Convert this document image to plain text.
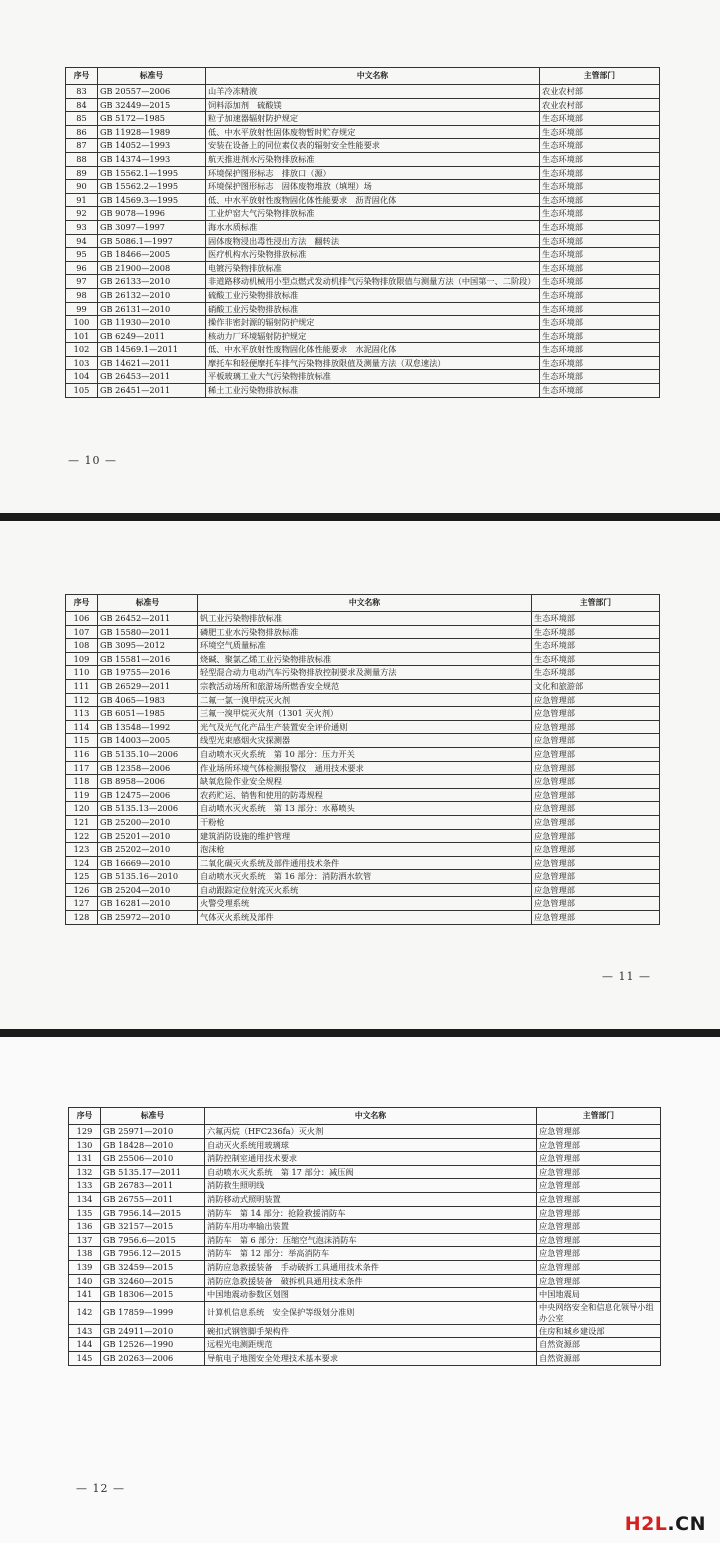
序号	标准号	中文名称	主管部门
83	GB 20557—2006	山羊冷冻精液	农业农村部
84	GB 32449—2015	饲料添加剂　硫酸镁	农业农村部
85	GB 5172—1985	粒子加速器辐射防护规定	生态环境部
86	GB 11928—1989	低、中水平放射性固体废物暂时贮存规定	生态环境部
87	GB 14052—1993	安装在设备上的同位素仪表的辐射安全性能要求	生态环境部
88	GB 14374—1993	航天推进剂水污染物排放标准	生态环境部
89	GB 15562.1—1995	环境保护图形标志　排放口（源）	生态环境部
90	GB 15562.2—1995	环境保护图形标志　固体废物堆放（填埋）场	生态环境部
91	GB 14569.3—1995	低、中水平放射性废物固化体性能要求　沥青固化体	生态环境部
92	GB 9078—1996	工业炉窑大气污染物排放标准	生态环境部
93	GB 3097—1997	海水水质标准	生态环境部
94	GB 5086.1—1997	固体废物浸出毒性浸出方法　翻转法	生态环境部
95	GB 18466—2005	医疗机构水污染物排放标准	生态环境部
96	GB 21900—2008	电镀污染物排放标准	生态环境部
97	GB 26133—2010	非道路移动机械用小型点燃式发动机排气污染物排放限值与测量方法（中国第一、二阶段）	生态环境部
98	GB 26132—2010	硫酸工业污染物排放标准	生态环境部
99	GB 26131—2010	硝酸工业污染物排放标准	生态环境部
100	GB 11930—2010	操作非密封源的辐射防护规定	生态环境部
101	GB 6249—2011	核动力厂环境辐射防护规定	生态环境部
102	GB 14569.1—2011	低、中水平放射性废物固化体性能要求　水泥固化体	生态环境部
103	GB 14621—2011	摩托车和轻便摩托车排气污染物排放限值及测量方法（双怠速法）	生态环境部
104	GB 26453—2011	平板玻璃工业大气污染物排放标准	生态环境部
105	GB 26451—2011	稀土工业污染物排放标准	生态环境部
— 10 —
序号	标准号	中文名称	主管部门
106	GB 26452—2011	钒工业污染物排放标准	生态环境部
107	GB 15580—2011	磷肥工业水污染物排放标准	生态环境部
108	GB 3095—2012	环境空气质量标准	生态环境部
109	GB 15581—2016	烧碱、聚氯乙烯工业污染物排放标准	生态环境部
110	GB 19755—2016	轻型混合动力电动汽车污染物排放控制要求及测量方法	生态环境部
111	GB 26529—2011	宗教活动场所和旅游场所燃香安全规范	文化和旅游部
112	GB 4065—1983	二氟一氯一溴甲烷灭火剂	应急管理部
113	GB 6051—1985	三氟一溴甲烷灭火剂（1301 灭火剂）	应急管理部
114	GB 13548—1992	光气及光气化产品生产装置安全评价通则	应急管理部
115	GB 14003—2005	线型光束感烟火灾探测器	应急管理部
116	GB 5135.10—2006	自动喷水灭火系统　第 10 部分：压力开关	应急管理部
117	GB 12358—2006	作业场所环境气体检测报警仪　通用技术要求	应急管理部
118	GB 8958—2006	缺氧危险作业安全规程	应急管理部
119	GB 12475—2006	农药贮运、销售和使用的防毒规程	应急管理部
120	GB 5135.13—2006	自动喷水灭火系统　第 13 部分：水幕喷头	应急管理部
121	GB 25200—2010	干粉枪	应急管理部
122	GB 25201—2010	建筑消防设施的维护管理	应急管理部
123	GB 25202—2010	泡沫枪	应急管理部
124	GB 16669—2010	二氧化碳灭火系统及部件通用技术条件	应急管理部
125	GB 5135.16—2010	自动喷水灭火系统　第 16 部分：消防洒水软管	应急管理部
126	GB 25204—2010	自动跟踪定位射流灭火系统	应急管理部
127	GB 16281—2010	火警受理系统	应急管理部
128	GB 25972—2010	气体灭火系统及部件	应急管理部
— 11 —
序号	标准号	中文名称	主管部门
129	GB 25971—2010	六氟丙烷（HFC236fa）灭火剂	应急管理部
130	GB 18428—2010	自动灭火系统用玻璃球	应急管理部
131	GB 25506—2010	消防控制室通用技术要求	应急管理部
132	GB 5135.17—2011	自动喷水灭火系统　第 17 部分：减压阀	应急管理部
133	GB 26783—2011	消防救生照明线	应急管理部
134	GB 26755—2011	消防移动式照明装置	应急管理部
135	GB 7956.14—2015	消防车　第 14 部分：抢险救援消防车	应急管理部
136	GB 32157—2015	消防车用功率输出装置	应急管理部
137	GB 7956.6—2015	消防车　第 6 部分：压缩空气泡沫消防车	应急管理部
138	GB 7956.12—2015	消防车　第 12 部分：举高消防车	应急管理部
139	GB 32459—2015	消防应急救援装备　手动破拆工具通用技术条件	应急管理部
140	GB 32460—2015	消防应急救援装备　破拆机具通用技术条件	应急管理部
141	GB 18306—2015	中国地震动参数区划图	中国地震局
142	GB 17859—1999	计算机信息系统　安全保护等级划分准则	中央网络安全和信息化领导小组办公室
143	GB 24911—2010	碗扣式钢管脚手架构件	住房和城乡建设部
144	GB 12526—1990	远程光电测距规范	自然资源部
145	GB 20263—2006	导航电子地图安全处理技术基本要求	自然资源部
— 12 —
H2L.CN
